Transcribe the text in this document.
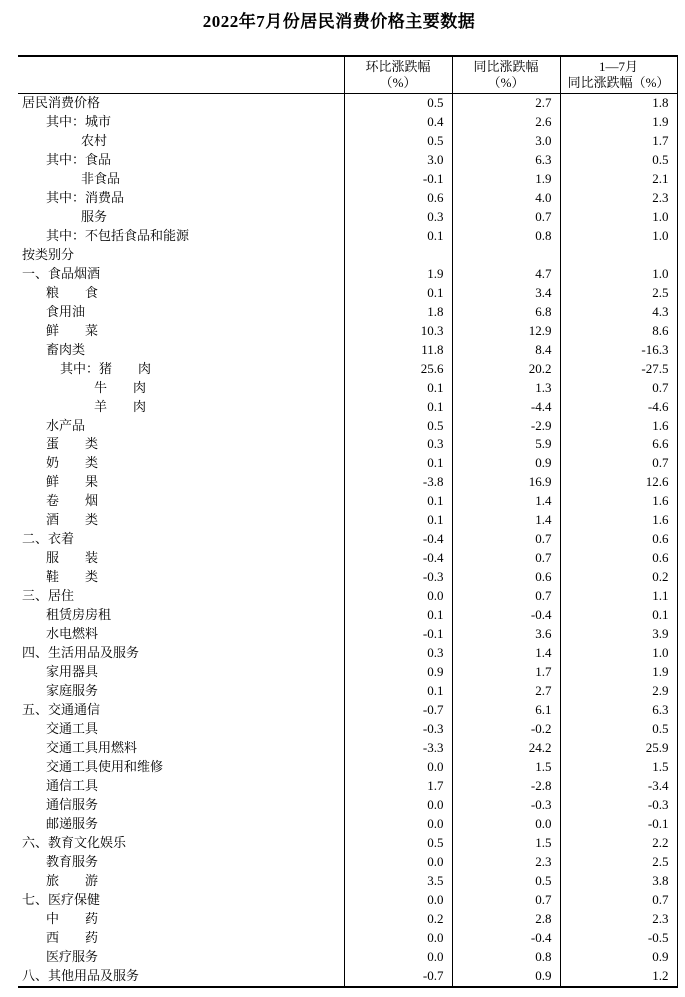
2022年7月份居民消费价格主要数据

环比涨跌幅
（%）

同比涨跌幅
（%）

1—7月
同比涨跌幅（%）

居民消费价格	0.5	2.7	1.8
其中：城市	0.4	2.6	1.9
农村	0.5	3.0	1.7
其中：食品	3.0	6.3	0.5
非食品	-0.1	1.9	2.1
其中：消费品	0.6	4.0	2.3
服务	0.3	0.7	1.0
其中：不包括食品和能源	0.1	0.8	1.0
按类别分			
一、食品烟酒	1.9	4.7	1.0
粮　　食	0.1	3.4	2.5
食用油	1.8	6.8	4.3
鲜　　菜	10.3	12.9	8.6
畜肉类	11.8	8.4	-16.3
其中：猪　　肉	25.6	20.2	-27.5
牛　　肉	0.1	1.3	0.7
羊　　肉	0.1	-4.4	-4.6
水产品	0.5	-2.9	1.6
蛋　　类	0.3	5.9	6.6
奶　　类	0.1	0.9	0.7
鲜　　果	-3.8	16.9	12.6
卷　　烟	0.1	1.4	1.6
酒　　类	0.1	1.4	1.6
二、衣着	-0.4	0.7	0.6
服　　装	-0.4	0.7	0.6
鞋　　类	-0.3	0.6	0.2
三、居住	0.0	0.7	1.1
租赁房房租	0.1	-0.4	0.1
水电燃料	-0.1	3.6	3.9
四、生活用品及服务	0.3	1.4	1.0
家用器具	0.9	1.7	1.9
家庭服务	0.1	2.7	2.9
五、交通通信	-0.7	6.1	6.3
交通工具	-0.3	-0.2	0.5
交通工具用燃料	-3.3	24.2	25.9
交通工具使用和维修	0.0	1.5	1.5
通信工具	1.7	-2.8	-3.4
通信服务	0.0	-0.3	-0.3
邮递服务	0.0	0.0	-0.1
六、教育文化娱乐	0.5	1.5	2.2
教育服务	0.0	2.3	2.5
旅　　游	3.5	0.5	3.8
七、医疗保健	0.0	0.7	0.7
中　　药	0.2	2.8	2.3
西　　药	0.0	-0.4	-0.5
医疗服务	0.0	0.8	0.9
八、其他用品及服务	-0.7	0.9	1.2
